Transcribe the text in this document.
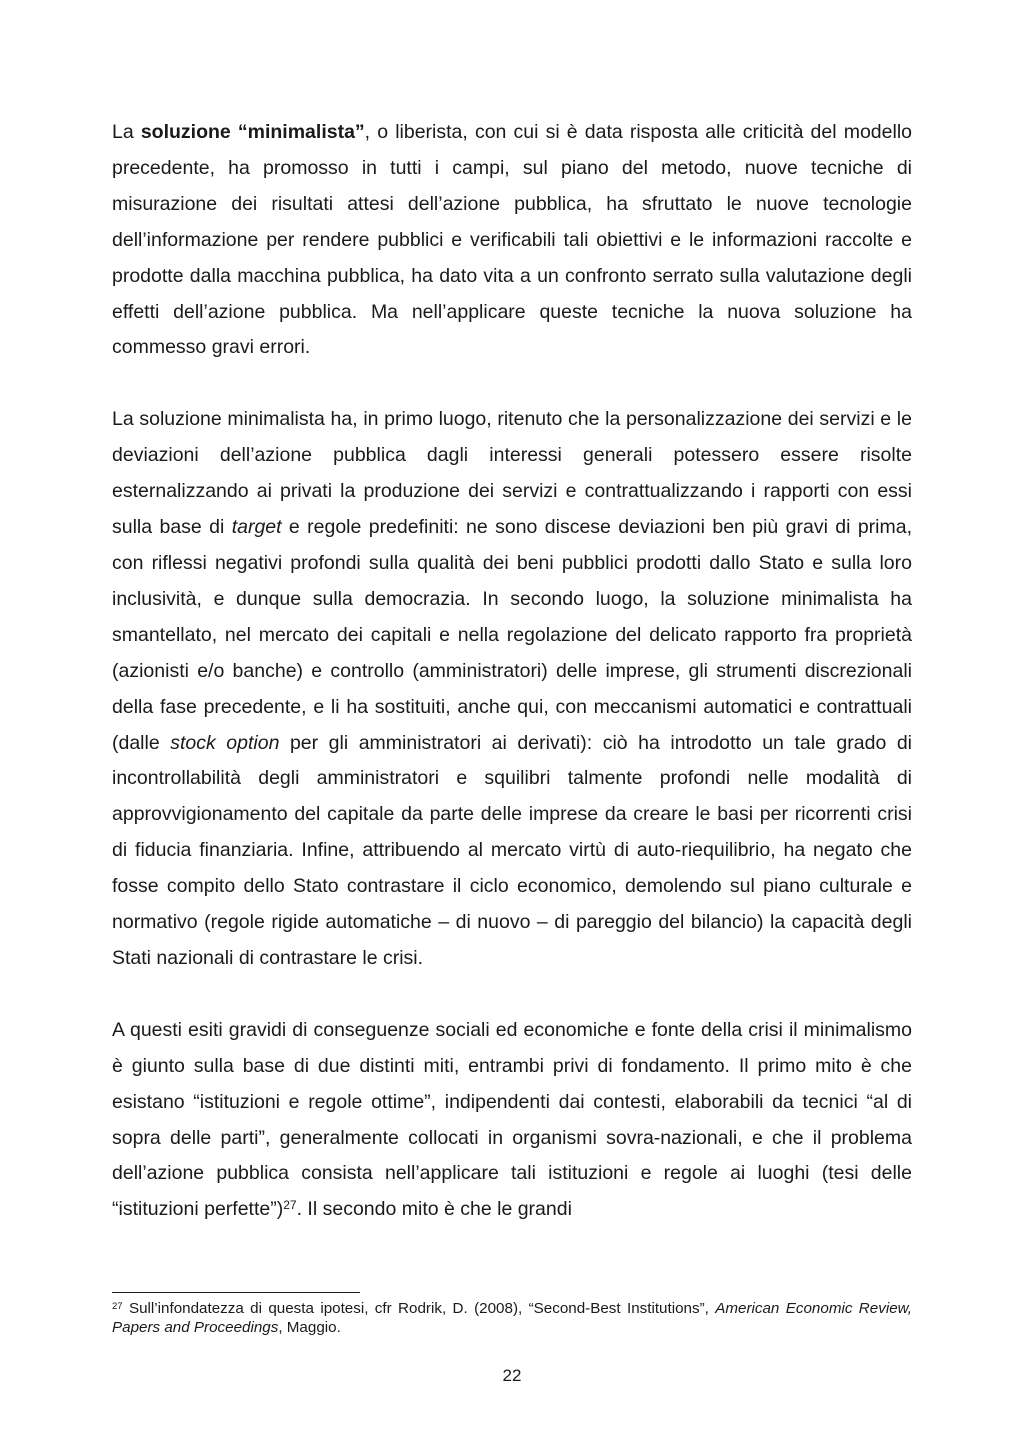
La soluzione “minimalista”, o liberista, con cui si è data risposta alle criticità del modello precedente, ha promosso in tutti i campi, sul piano del metodo, nuove tecniche di misurazione dei risultati attesi dell’azione pubblica, ha sfruttato le nuove tecnologie dell’informazione per rendere pubblici e verificabili tali obiettivi e le informazioni raccolte e prodotte dalla macchina pubblica, ha dato vita a un confronto serrato sulla valutazione degli effetti dell’azione pubblica. Ma nell’applicare queste tecniche la nuova soluzione ha commesso gravi errori.

La soluzione minimalista ha, in primo luogo, ritenuto che la personalizzazione dei servizi e le deviazioni dell’azione pubblica dagli interessi generali potessero essere risolte esternalizzando ai privati la produzione dei servizi e contrattualizzando i rapporti con essi sulla base di target e regole predefiniti: ne sono discese deviazioni ben più gravi di prima, con riflessi negativi profondi sulla qualità dei beni pubblici prodotti dallo Stato e sulla loro inclusività, e dunque sulla democrazia. In secondo luogo, la soluzione minimalista ha smantellato, nel mercato dei capitali e nella regolazione del delicato rapporto fra proprietà (azionisti e/o banche) e controllo (amministratori) delle imprese, gli strumenti discrezionali della fase precedente, e li ha sostituiti, anche qui, con meccanismi automatici e contrattuali (dalle stock option per gli amministratori ai derivati): ciò ha introdotto un tale grado di incontrollabilità degli amministratori e squilibri talmente profondi nelle modalità di approvvigionamento del capitale da parte delle imprese da creare le basi per ricorrenti crisi di fiducia finanziaria. Infine, attribuendo al mercato virtù di auto-riequilibrio, ha negato che fosse compito dello Stato contrastare il ciclo economico, demolendo sul piano culturale e normativo (regole rigide automatiche – di nuovo – di pareggio del bilancio) la capacità degli Stati nazionali di contrastare le crisi.

A questi esiti gravidi di conseguenze sociali ed economiche e fonte della crisi il minimalismo è giunto sulla base di due distinti miti, entrambi privi di fondamento. Il primo mito è che esistano “istituzioni e regole ottime”, indipendenti dai contesti, elaborabili da tecnici “al di sopra delle parti”, generalmente collocati in organismi sovra-nazionali, e che il problema dell’azione pubblica consista nell’applicare tali istituzioni e regole ai luoghi (tesi delle “istituzioni perfette”)$^{27}$. Il secondo mito è che le grandi

$^{27}$ Sull’infondatezza di questa ipotesi, cfr Rodrik, D. (2008), “Second-Best Institutions”, American Economic Review, Papers and Proceedings, Maggio.
22
